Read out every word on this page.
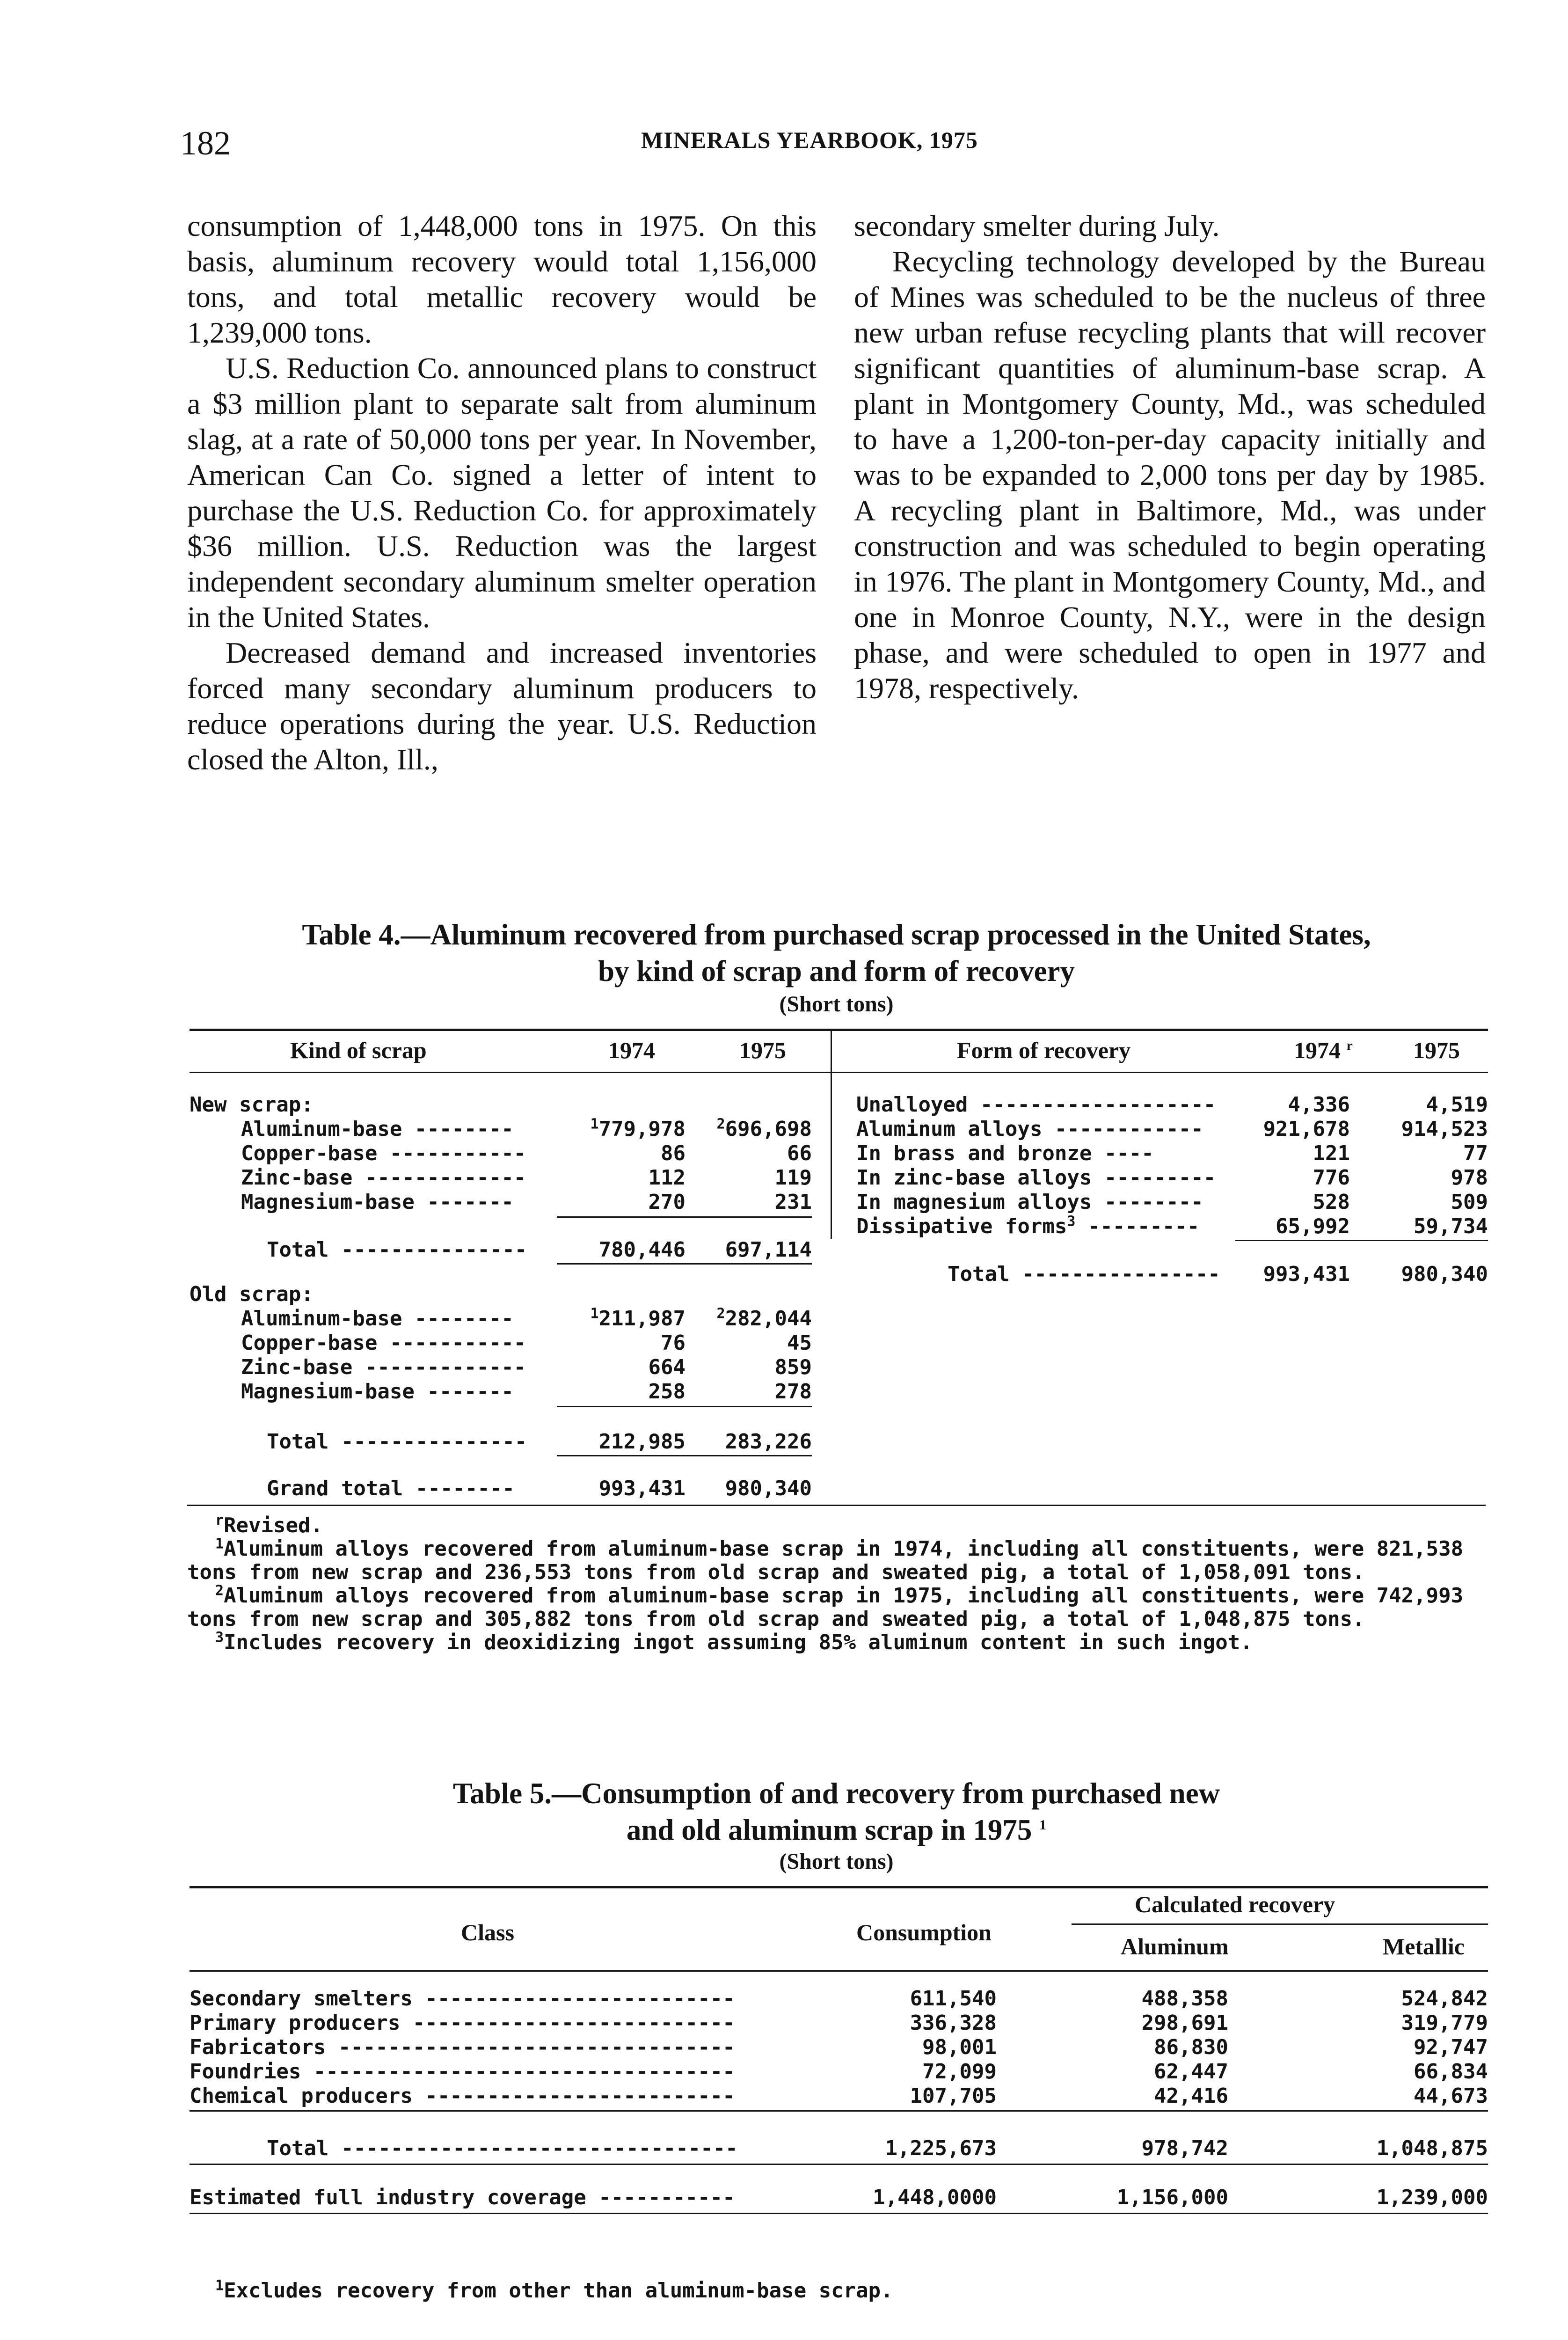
182	MINERALS YEARBOOK, 1975

consumption of 1,448,000 tons in 1975. On this basis, aluminum recovery would total 1,156,000 tons, and total metallic recovery would be 1,239,000 tons.

U.S. Reduction Co. announced plans to construct a $3 million plant to separate salt from aluminum slag, at a rate of 50,000 tons per year. In November, American Can Co. signed a letter of intent to purchase the U.S. Reduction Co. for approximately $36 million. U.S. Reduction was the largest independent secondary aluminum smelter operation in the United States.

Decreased demand and increased inventories forced many secondary aluminum producers to reduce operations during the year. U.S. Reduction closed the Alton, Ill.,

secondary smelter during July.

Recycling technology developed by the Bureau of Mines was scheduled to be the nucleus of three new urban refuse recycling plants that will recover significant quantities of aluminum-base scrap. A plant in Montgomery County, Md., was scheduled to have a 1,200-ton-per-day capacity initially and was to be expanded to 2,000 tons per day by 1985. A recycling plant in Baltimore, Md., was under construction and was scheduled to begin operating in 1976. The plant in Montgomery County, Md., and one in Monroe County, N.Y., were in the design phase, and were scheduled to open in 1977 and 1978, respectively.

Table 4.—Aluminum recovered from purchased scrap processed in the United States,
by kind of scrap and form of recovery
(Short tons)
Kind of scrap	1974	1975	Form of recovery	1974 $^r$	1975
New scrap:
Aluminum-base --------	$^1$779,978	$^2$696,698
Copper-base -----------	86	66
Zinc-base -------------	112	119
Magnesium-base -------	270	231
Total ---------------	780,446	697,114
Old scrap:
Aluminum-base --------	$^1$211,987	$^2$282,044
Copper-base -----------	76	45
Zinc-base -------------	664	859
Magnesium-base -------	258	278
Total ---------------	212,985	283,226
Grand total --------	993,431	980,340
Unalloyed -------------------	4,336	4,519
Aluminum alloys ------------	921,678	914,523
In brass and bronze ----	121	77
In zinc-base alloys ---------	776	978
In magnesium alloys --------	528	509
Dissipative forms$^3$ ---------	65,992	59,734
Total ----------------	993,431	980,340

$^r$Revised.

$^1$Aluminum alloys recovered from aluminum-base scrap in 1974, including all constituents, were 821,538 tons from new scrap and 236,553 tons from old scrap and sweated pig, a total of 1,058,091 tons.

$^2$Aluminum alloys recovered from aluminum-base scrap in 1975, including all constituents, were 742,993 tons from new scrap and 305,882 tons from old scrap and sweated pig, a total of 1,048,875 tons.

$^3$Includes recovery in deoxidizing ingot assuming 85% aluminum content in such ingot.

Table 5.—Consumption of and recovery from purchased new
and old aluminum scrap in 1975 $^1$
(Short tons)
Class	Consumption
Calculated recovery
Aluminum	Metallic
Secondary smelters -------------------------	611,540	488,358	524,842
Primary producers --------------------------	336,328	298,691	319,779
Fabricators --------------------------------	98,001	86,830	92,747
Foundries ----------------------------------	72,099	62,447	66,834
Chemical producers -------------------------	107,705	42,416	44,673
Total --------------------------------	1,225,673	978,742	1,048,875
Estimated full industry coverage -----------	1,448,0000	1,156,000	1,239,000

$^1$Excludes recovery from other than aluminum-base scrap.
